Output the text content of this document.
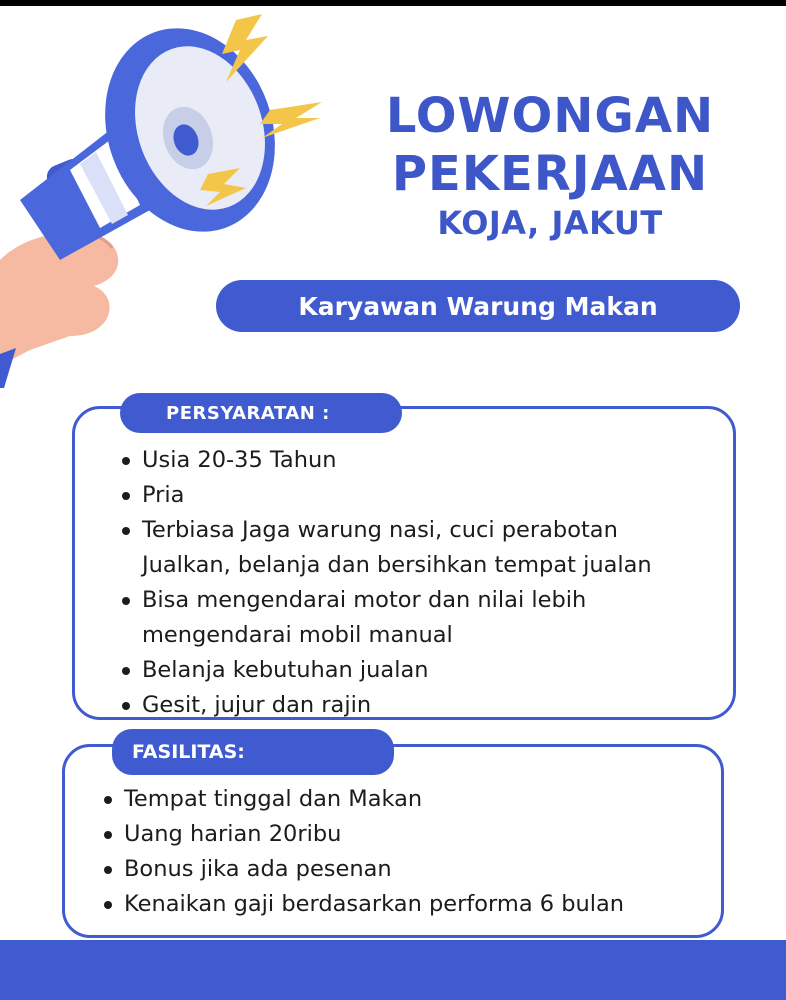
LOWONGAN
PEKERJAAN
KOJA, JAKUT
Karyawan Warung Makan
PERSYARATAN :
Usia 20-35 Tahun
Pria
Terbiasa Jaga warung nasi, cuci perabotan
Jualkan, belanja dan bersihkan tempat jualan
Bisa mengendarai motor dan nilai lebih
mengendarai mobil manual
Belanja kebutuhan jualan
Gesit, jujur dan rajin
FASILITAS:
Tempat tinggal dan Makan
Uang harian 20ribu
Bonus jika ada pesenan
Kenaikan gaji berdasarkan performa 6 bulan
